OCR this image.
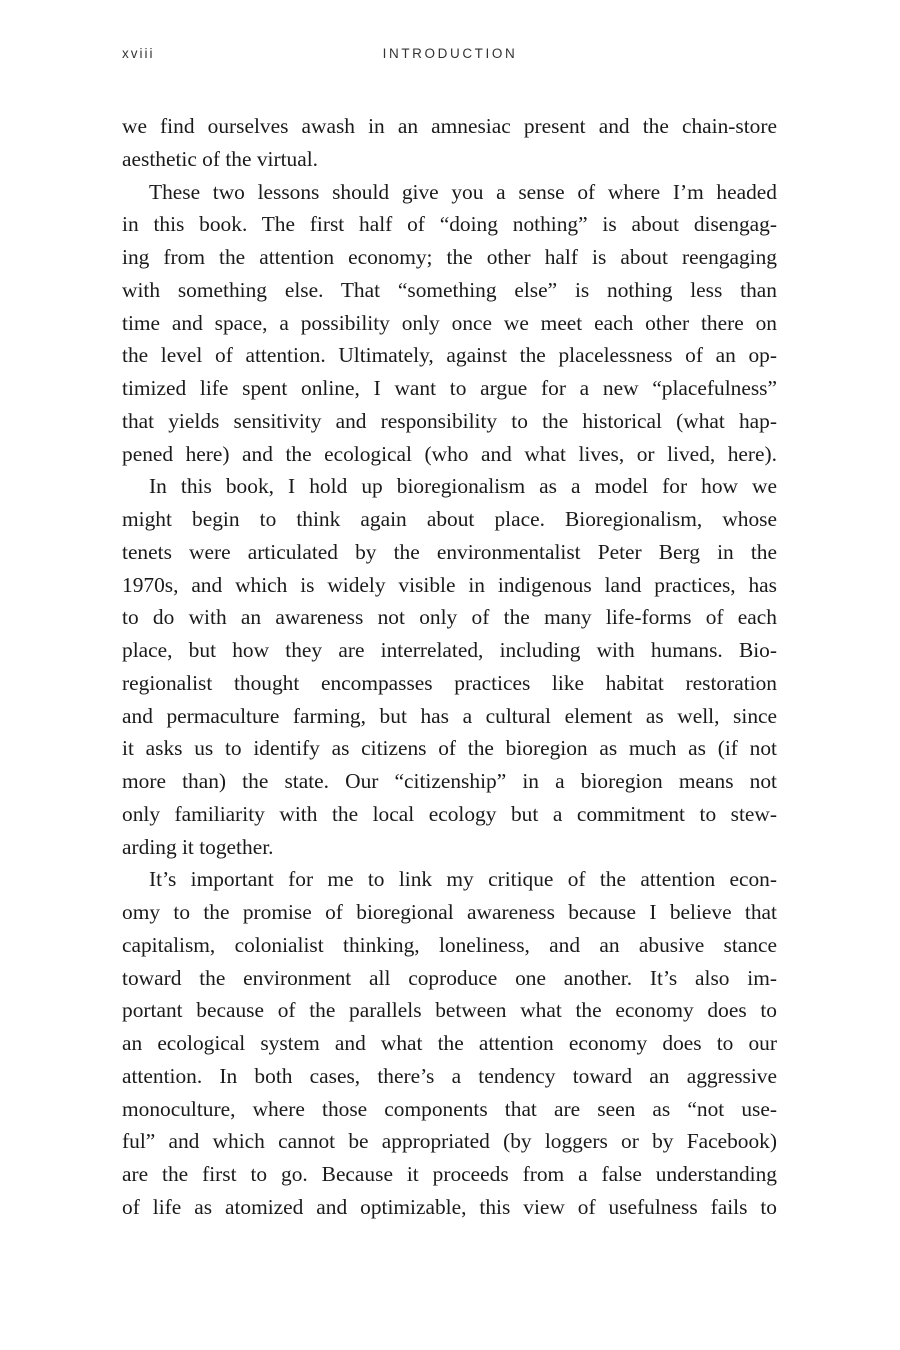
xviii	INTRODUCTION

we find ourselves awash in an amnesiac present and the chain-store
aesthetic of the virtual.

These two lessons should give you a sense of where I’m headed
in this book. The first half of “doing nothing” is about disengag-
ing from the attention economy; the other half is about reengaging
with something else. That “something else” is nothing less than
time and space, a possibility only once we meet each other there on
the level of attention. Ultimately, against the placelessness of an op-
timized life spent online, I want to argue for a new “placefulness”
that yields sensitivity and responsibility to the historical (what hap-
pened here) and the ecological (who and what lives, or lived, here).

In this book, I hold up bioregionalism as a model for how we
might begin to think again about place. Bioregionalism, whose
tenets were articulated by the environmentalist Peter Berg in the
1970s, and which is widely visible in indigenous land practices, has
to do with an awareness not only of the many life-forms of each
place, but how they are interrelated, including with humans. Bio-
regionalist thought encompasses practices like habitat restoration
and permaculture farming, but has a cultural element as well, since
it asks us to identify as citizens of the bioregion as much as (if not
more than) the state. Our “citizenship” in a bioregion means not
only familiarity with the local ecology but a commitment to stew-
arding it together.

It’s important for me to link my critique of the attention econ-
omy to the promise of bioregional awareness because I believe that
capitalism, colonialist thinking, loneliness, and an abusive stance
toward the environment all coproduce one another. It’s also im-
portant because of the parallels between what the economy does to
an ecological system and what the attention economy does to our
attention. In both cases, there’s a tendency toward an aggressive
monoculture, where those components that are seen as “not use-
ful” and which cannot be appropriated (by loggers or by Facebook)
are the first to go. Because it proceeds from a false understanding
of life as atomized and optimizable, this view of usefulness fails to
